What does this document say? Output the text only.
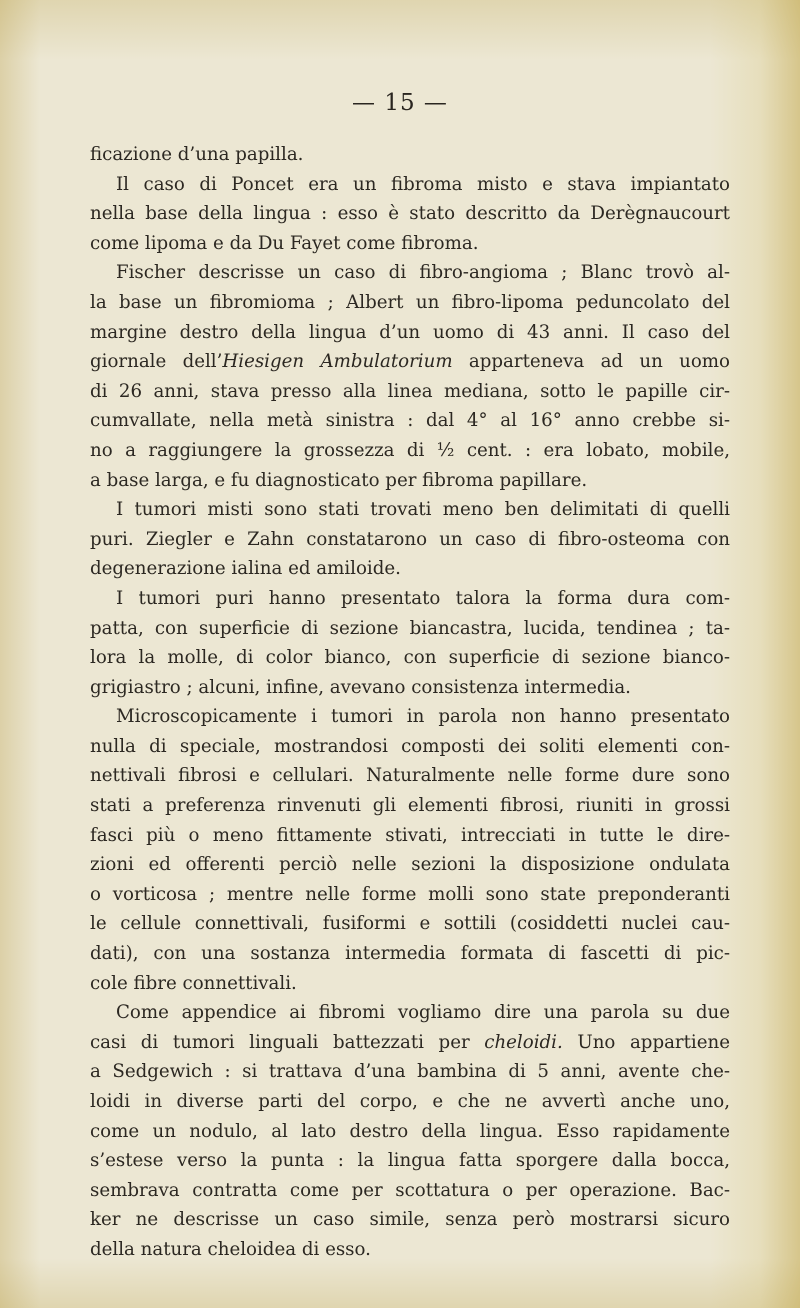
— 15 —
ficazione d’una papilla.
Il caso di Poncet era un fibroma misto e stava impiantato
nella base della lingua : esso è stato descritto da Derègnaucourt
come lipoma e da Du Fayet come fibroma.
Fischer descrisse un caso di fibro-angioma ; Blanc trovò al-
la base un fibromioma ; Albert un fibro-lipoma peduncolato del
margine destro della lingua d’un uomo di 43 anni. Il caso del
giornale dell’Hiesigen Ambulatorium apparteneva ad un uomo
di 26 anni, stava presso alla linea mediana, sotto le papille cir-
cumvallate, nella metà sinistra : dal 4° al 16° anno crebbe si-
no a raggiungere la grossezza di ½ cent. : era lobato, mobile,
a base larga, e fu diagnosticato per fibroma papillare.
I tumori misti sono stati trovati meno ben delimitati di quelli
puri. Ziegler e Zahn constatarono un caso di fibro-osteoma con
degenerazione ialina ed amiloide.
I tumori puri hanno presentato talora la forma dura com-
patta, con superficie di sezione biancastra, lucida, tendinea ; ta-
lora la molle, di color bianco, con superficie di sezione bianco-
grigiastro ; alcuni, infine, avevano consistenza intermedia.
Microscopicamente i tumori in parola non hanno presentato
nulla di speciale, mostrandosi composti dei soliti elementi con-
nettivali fibrosi e cellulari. Naturalmente nelle forme dure sono
stati a preferenza rinvenuti gli elementi fibrosi, riuniti in grossi
fasci più o meno fittamente stivati, intrecciati in tutte le dire-
zioni ed offerenti perciò nelle sezioni la disposizione ondulata
o vorticosa ; mentre nelle forme molli sono state preponderanti
le cellule connettivali, fusiformi e sottili (cosiddetti nuclei cau-
dati), con una sostanza intermedia formata di fascetti di pic-
cole fibre connettivali.
Come appendice ai fibromi vogliamo dire una parola su due
casi di tumori linguali battezzati per cheloidi. Uno appartiene
a Sedgewich : si trattava d’una bambina di 5 anni, avente che-
loidi in diverse parti del corpo, e che ne avvertì anche uno,
come un nodulo, al lato destro della lingua. Esso rapidamente
s’estese verso la punta : la lingua fatta sporgere dalla bocca,
sembrava contratta come per scottatura o per operazione. Bac-
ker ne descrisse un caso simile, senza però mostrarsi sicuro
della natura cheloidea di esso.
